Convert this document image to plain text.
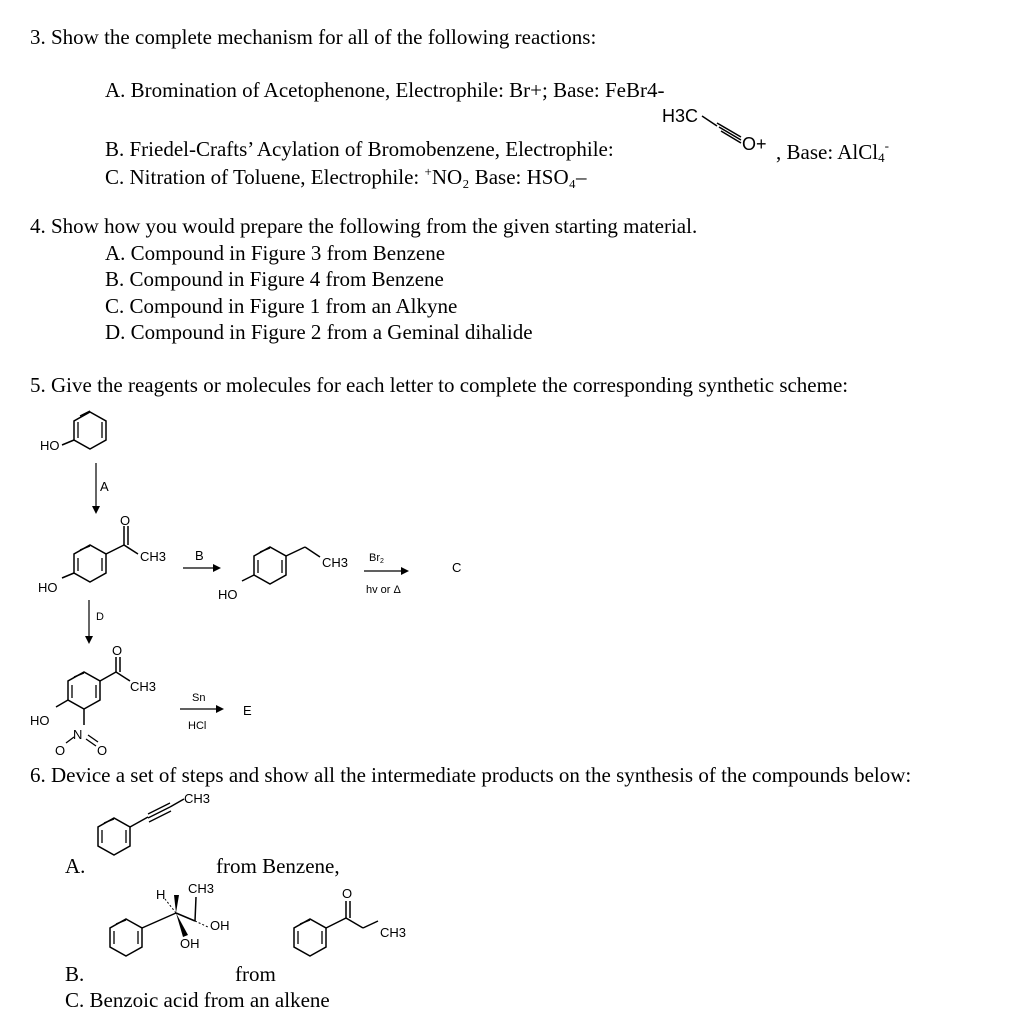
3. Show the complete mechanism for all of the following reactions:
A. Bromination of Acetophenone, Electrophile: Br+; Base: FeBr4-
H3C
O+
B. Friedel-Crafts’ Acylation of Bromobenzene, Electrophile:	, Base: AlCl4-
C. Nitration of Toluene, Electrophile: +NO₂ Base: HSO₄–
4. Show how you would prepare the following from the given starting material.
A. Compound in Figure 3 from Benzene
B. Compound in Figure 4 from Benzene
C. Compound in Figure 1 from an Alkyne
D. Compound in Figure 2 from a Geminal dihalide
5. Give the reagents or molecules for each letter to complete the corresponding synthetic scheme:
HO
A
HO
O
CH3 B
HO
CH3 Br2
hv or Δ
C
D
HO
O
CH3
N
O O
Sn
HCl
E
6. Device a set of steps and show all the intermediate products on the synthesis of the compounds below:
CH3
H CH3
OH
OH
O
CH3
A.	from Benzene,
B.	from
C. Benzoic acid from an alkene
